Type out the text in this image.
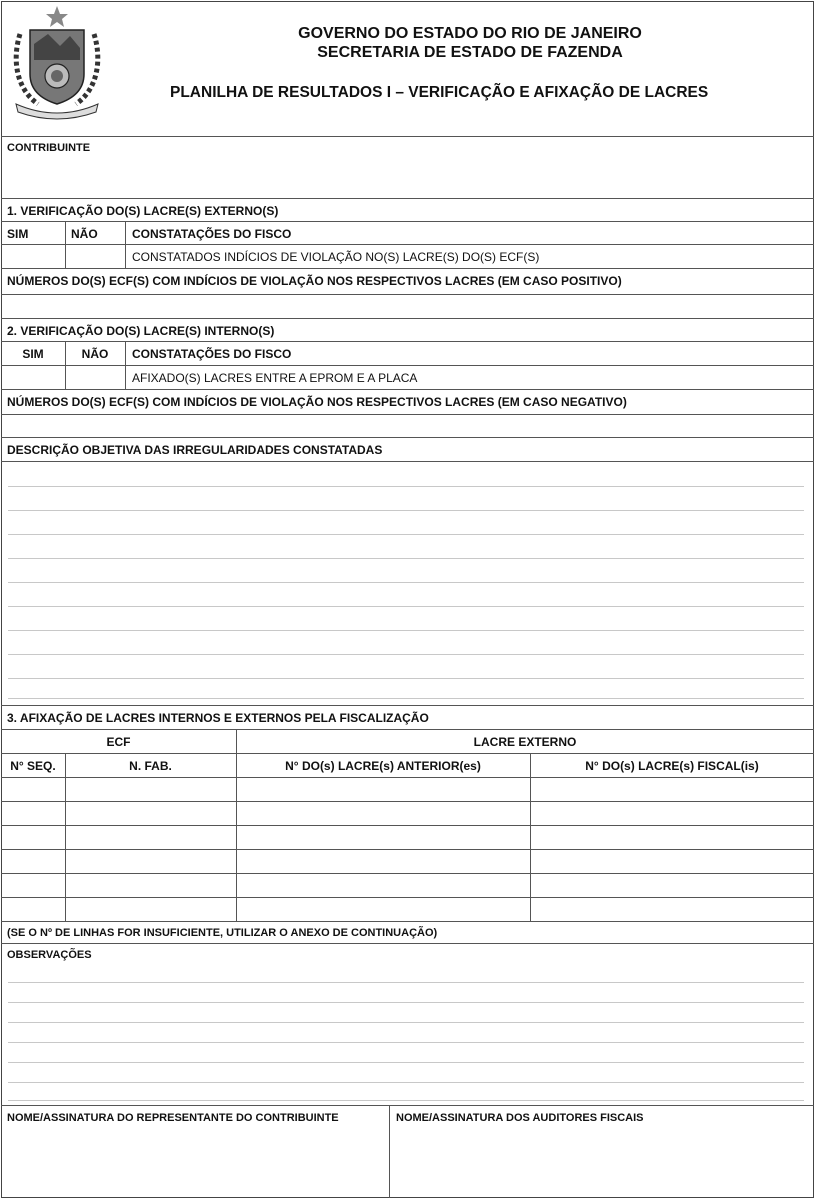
GOVERNO DO ESTADO DO RIO DE JANEIRO
SECRETARIA DE ESTADO DE FAZENDA
PLANILHA DE RESULTADOS I – VERIFICAÇÃO E AFIXAÇÃO DE LACRES
CONTRIBUINTE
1. VERIFICAÇÃO DO(S) LACRE(S) EXTERNO(S)
SIM	NÃO	CONSTATAÇÕES DO FISCO
CONSTATADOS INDÍCIOS DE VIOLAÇÃO NO(S) LACRE(S) DO(S) ECF(S)
NÚMEROS DO(S) ECF(S) COM INDÍCIOS DE VIOLAÇÃO NOS RESPECTIVOS LACRES (EM CASO POSITIVO)
2. VERIFICAÇÃO DO(S) LACRE(S) INTERNO(S)
SIM	NÃO	CONSTATAÇÕES DO FISCO
AFIXADO(S) LACRES ENTRE A EPROM E A PLACA
NÚMEROS DO(S) ECF(S) COM INDÍCIOS DE VIOLAÇÃO NOS RESPECTIVOS LACRES (EM CASO NEGATIVO)
DESCRIÇÃO OBJETIVA DAS IRREGULARIDADES CONSTATADAS
3. AFIXAÇÃO DE LACRES INTERNOS E EXTERNOS PELA FISCALIZAÇÃO
ECF	LACRE EXTERNO
N° SEQ.	N. FAB.	N° DO(s) LACRE(s) ANTERIOR(es)	N° DO(s) LACRE(s) FISCAL(is)
(SE O Nº DE LINHAS FOR INSUFICIENTE, UTILIZAR O ANEXO DE CONTINUAÇÃO)
OBSERVAÇÕES
NOME/ASSINATURA DO REPRESENTANTE DO CONTRIBUINTE	NOME/ASSINATURA DOS AUDITORES FISCAIS
